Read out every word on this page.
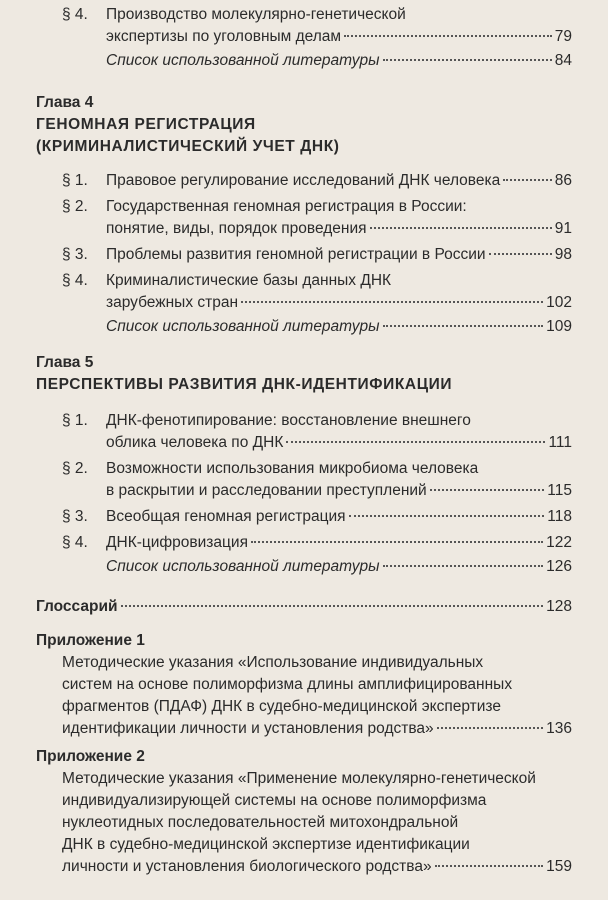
§ 4. Производство молекулярно-генетической
экспертизы по уголовным делам	79
Список использованной литературы	84
Глава 4
ГЕНОМНАЯ РЕГИСТРАЦИЯ
(КРИМИНАЛИСТИЧЕСКИЙ УЧЕТ ДНК)
§ 1. Правовое регулирование исследований ДНК человека	86
§ 2. Государственная геномная регистрация в России:
понятие, виды, порядок проведения	91
§ 3. Проблемы развития геномной регистрации в России	98
§ 4. Криминалистические базы данных ДНК
зарубежных стран	102
Список использованной литературы	109
Глава 5
ПЕРСПЕКТИВЫ РАЗВИТИЯ ДНК-ИДЕНТИФИКАЦИИ
§ 1. ДНК-фенотипирование: восстановление внешнего
облика человека по ДНК	111
§ 2. Возможности использования микробиома человека
в раскрытии и расследовании преступлений	115
§ 3. Всеобщая геномная регистрация	118
§ 4. ДНК-цифровизация	122
Список использованной литературы	126
Глоссарий	128
Приложение 1
Методические указания «Использование индивидуальных
систем на основе полиморфизма длины амплифицированных
фрагментов (ПДАФ) ДНК в судебно-медицинской экспертизе
идентификации личности и установления родства»	136
Приложение 2
Методические указания «Применение молекулярно-генетической
индивидуализирующей системы на основе полиморфизма
нуклеотидных последовательностей митохондральной
ДНК в судебно-медицинской экспертизе идентификации
личности и установления биологического родства»	159
